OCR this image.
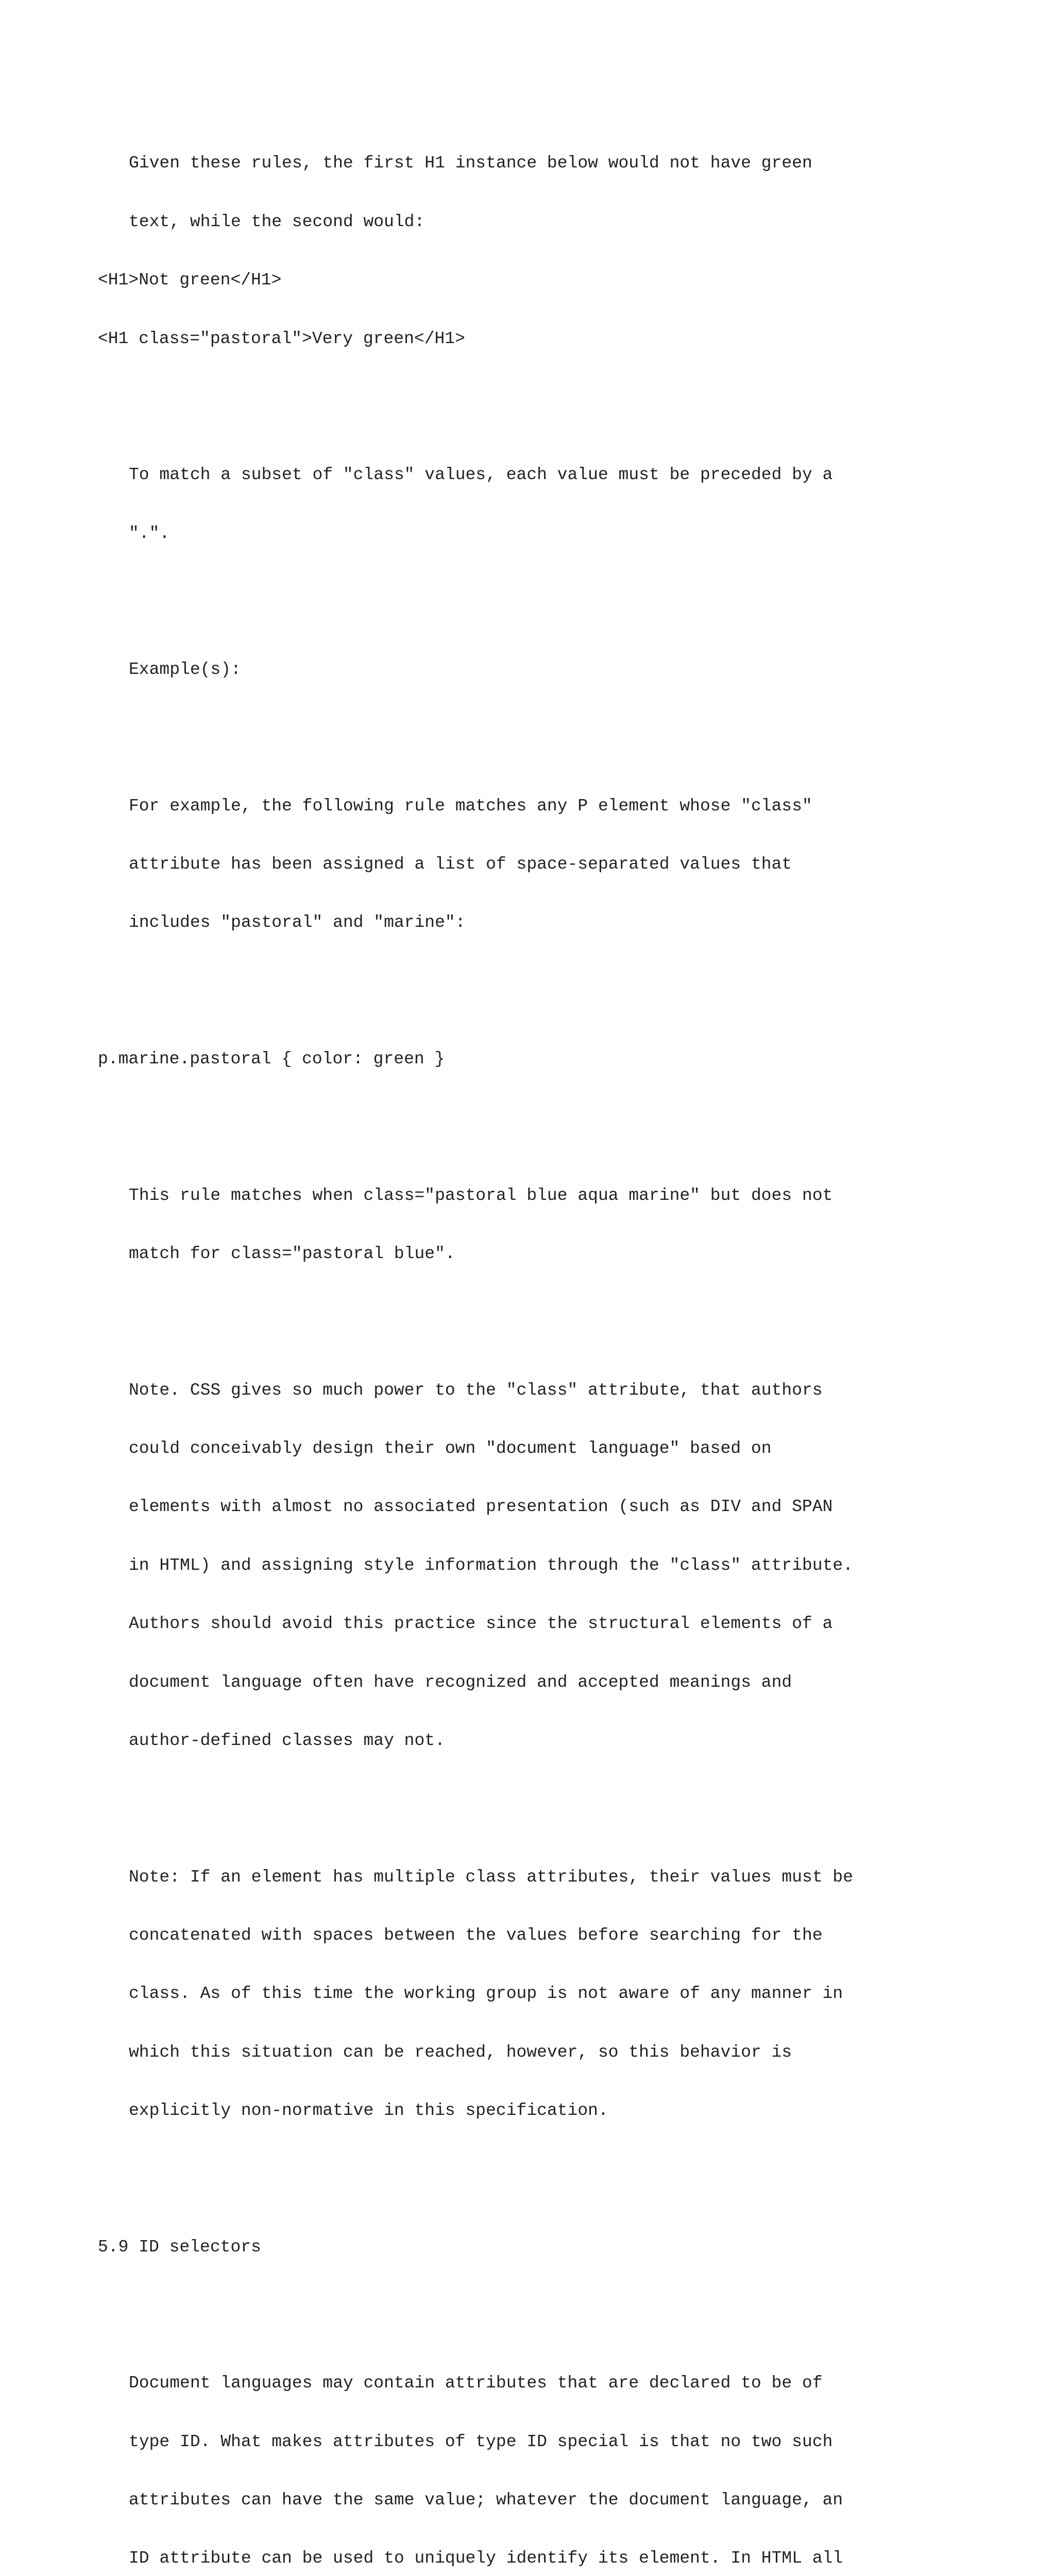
Given these rules, the first H1 instance below would not have green

text, while the second would:

<H1>Not green</H1>

<H1 class="pastoral">Very green</H1>

To match a subset of "class" values, each value must be preceded by a

".".

Example(s):

For example, the following rule matches any P element whose "class"

attribute has been assigned a list of space-separated values that

includes "pastoral" and "marine":

p.marine.pastoral { color: green }

This rule matches when class="pastoral blue aqua marine" but does not

match for class="pastoral blue".

Note. CSS gives so much power to the "class" attribute, that authors

could conceivably design their own "document language" based on

elements with almost no associated presentation (such as DIV and SPAN

in HTML) and assigning style information through the "class" attribute.

Authors should avoid this practice since the structural elements of a

document language often have recognized and accepted meanings and

author-defined classes may not.

Note: If an element has multiple class attributes, their values must be

concatenated with spaces between the values before searching for the

class. As of this time the working group is not aware of any manner in

which this situation can be reached, however, so this behavior is

explicitly non-normative in this specification.

5.9 ID selectors

Document languages may contain attributes that are declared to be of

type ID. What makes attributes of type ID special is that no two such

attributes can have the same value; whatever the document language, an

ID attribute can be used to uniquely identify its element. In HTML all
